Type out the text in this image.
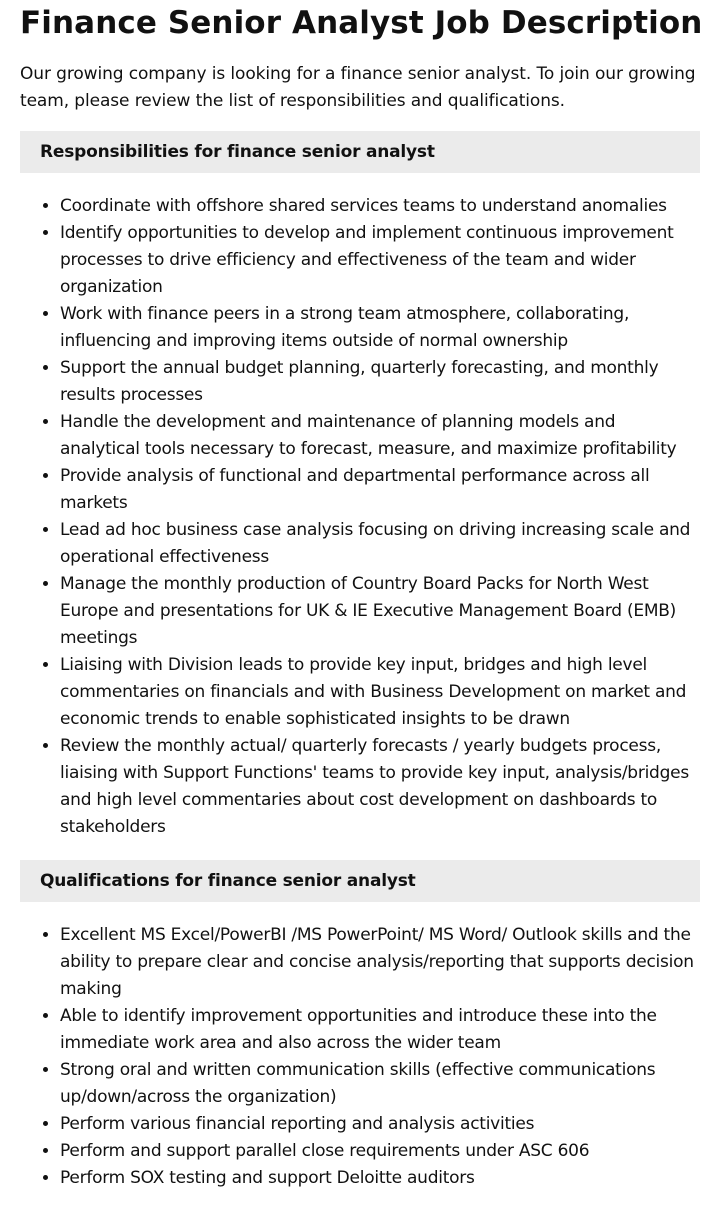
Finance Senior Analyst Job Description

Our growing company is looking for a finance senior analyst. To join our growing team, please review the list of responsibilities and qualifications.

Responsibilities for finance senior analyst
• Coordinate with offshore shared services teams to understand anomalies
• Identify opportunities to develop and implement continuous improvement processes to drive efficiency and effectiveness of the team and wider organization
• Work with finance peers in a strong team atmosphere, collaborating, influencing and improving items outside of normal ownership
• Support the annual budget planning, quarterly forecasting, and monthly results processes
• Handle the development and maintenance of planning models and analytical tools necessary to forecast, measure, and maximize profitability
• Provide analysis of functional and departmental performance across all markets
• Lead ad hoc business case analysis focusing on driving increasing scale and operational effectiveness
• Manage the monthly production of Country Board Packs for North West Europe and presentations for UK & IE Executive Management Board (EMB) meetings
• Liaising with Division leads to provide key input, bridges and high level commentaries on financials and with Business Development on market and economic trends to enable sophisticated insights to be drawn
• Review the monthly actual/ quarterly forecasts / yearly budgets process, liaising with Support Functions' teams to provide key input, analysis/bridges and high level commentaries about cost development on dashboards to stakeholders
Qualifications for finance senior analyst
• Excellent MS Excel/PowerBI /MS PowerPoint/ MS Word/ Outlook skills and the ability to prepare clear and concise analysis/reporting that supports decision making
• Able to identify improvement opportunities and introduce these into the immediate work area and also across the wider team
• Strong oral and written communication skills (effective communications up/down/across the organization)
• Perform various financial reporting and analysis activities
• Perform and support parallel close requirements under ASC 606
• Perform SOX testing and support Deloitte auditors
